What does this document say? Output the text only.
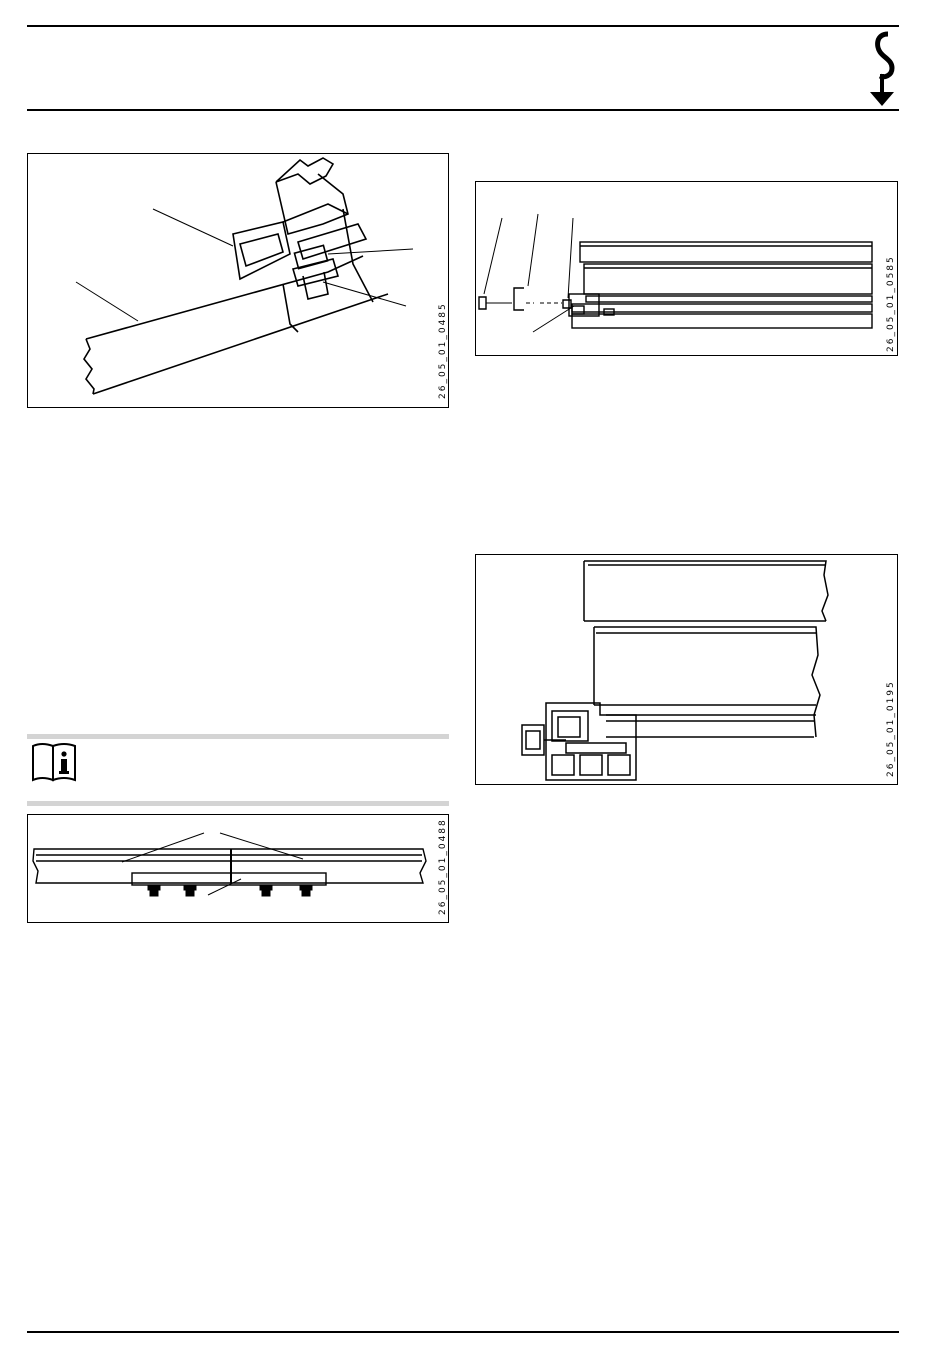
26_05_01_0485	26_05_01_0585
26_05_01_0195
26_05_01_0488
